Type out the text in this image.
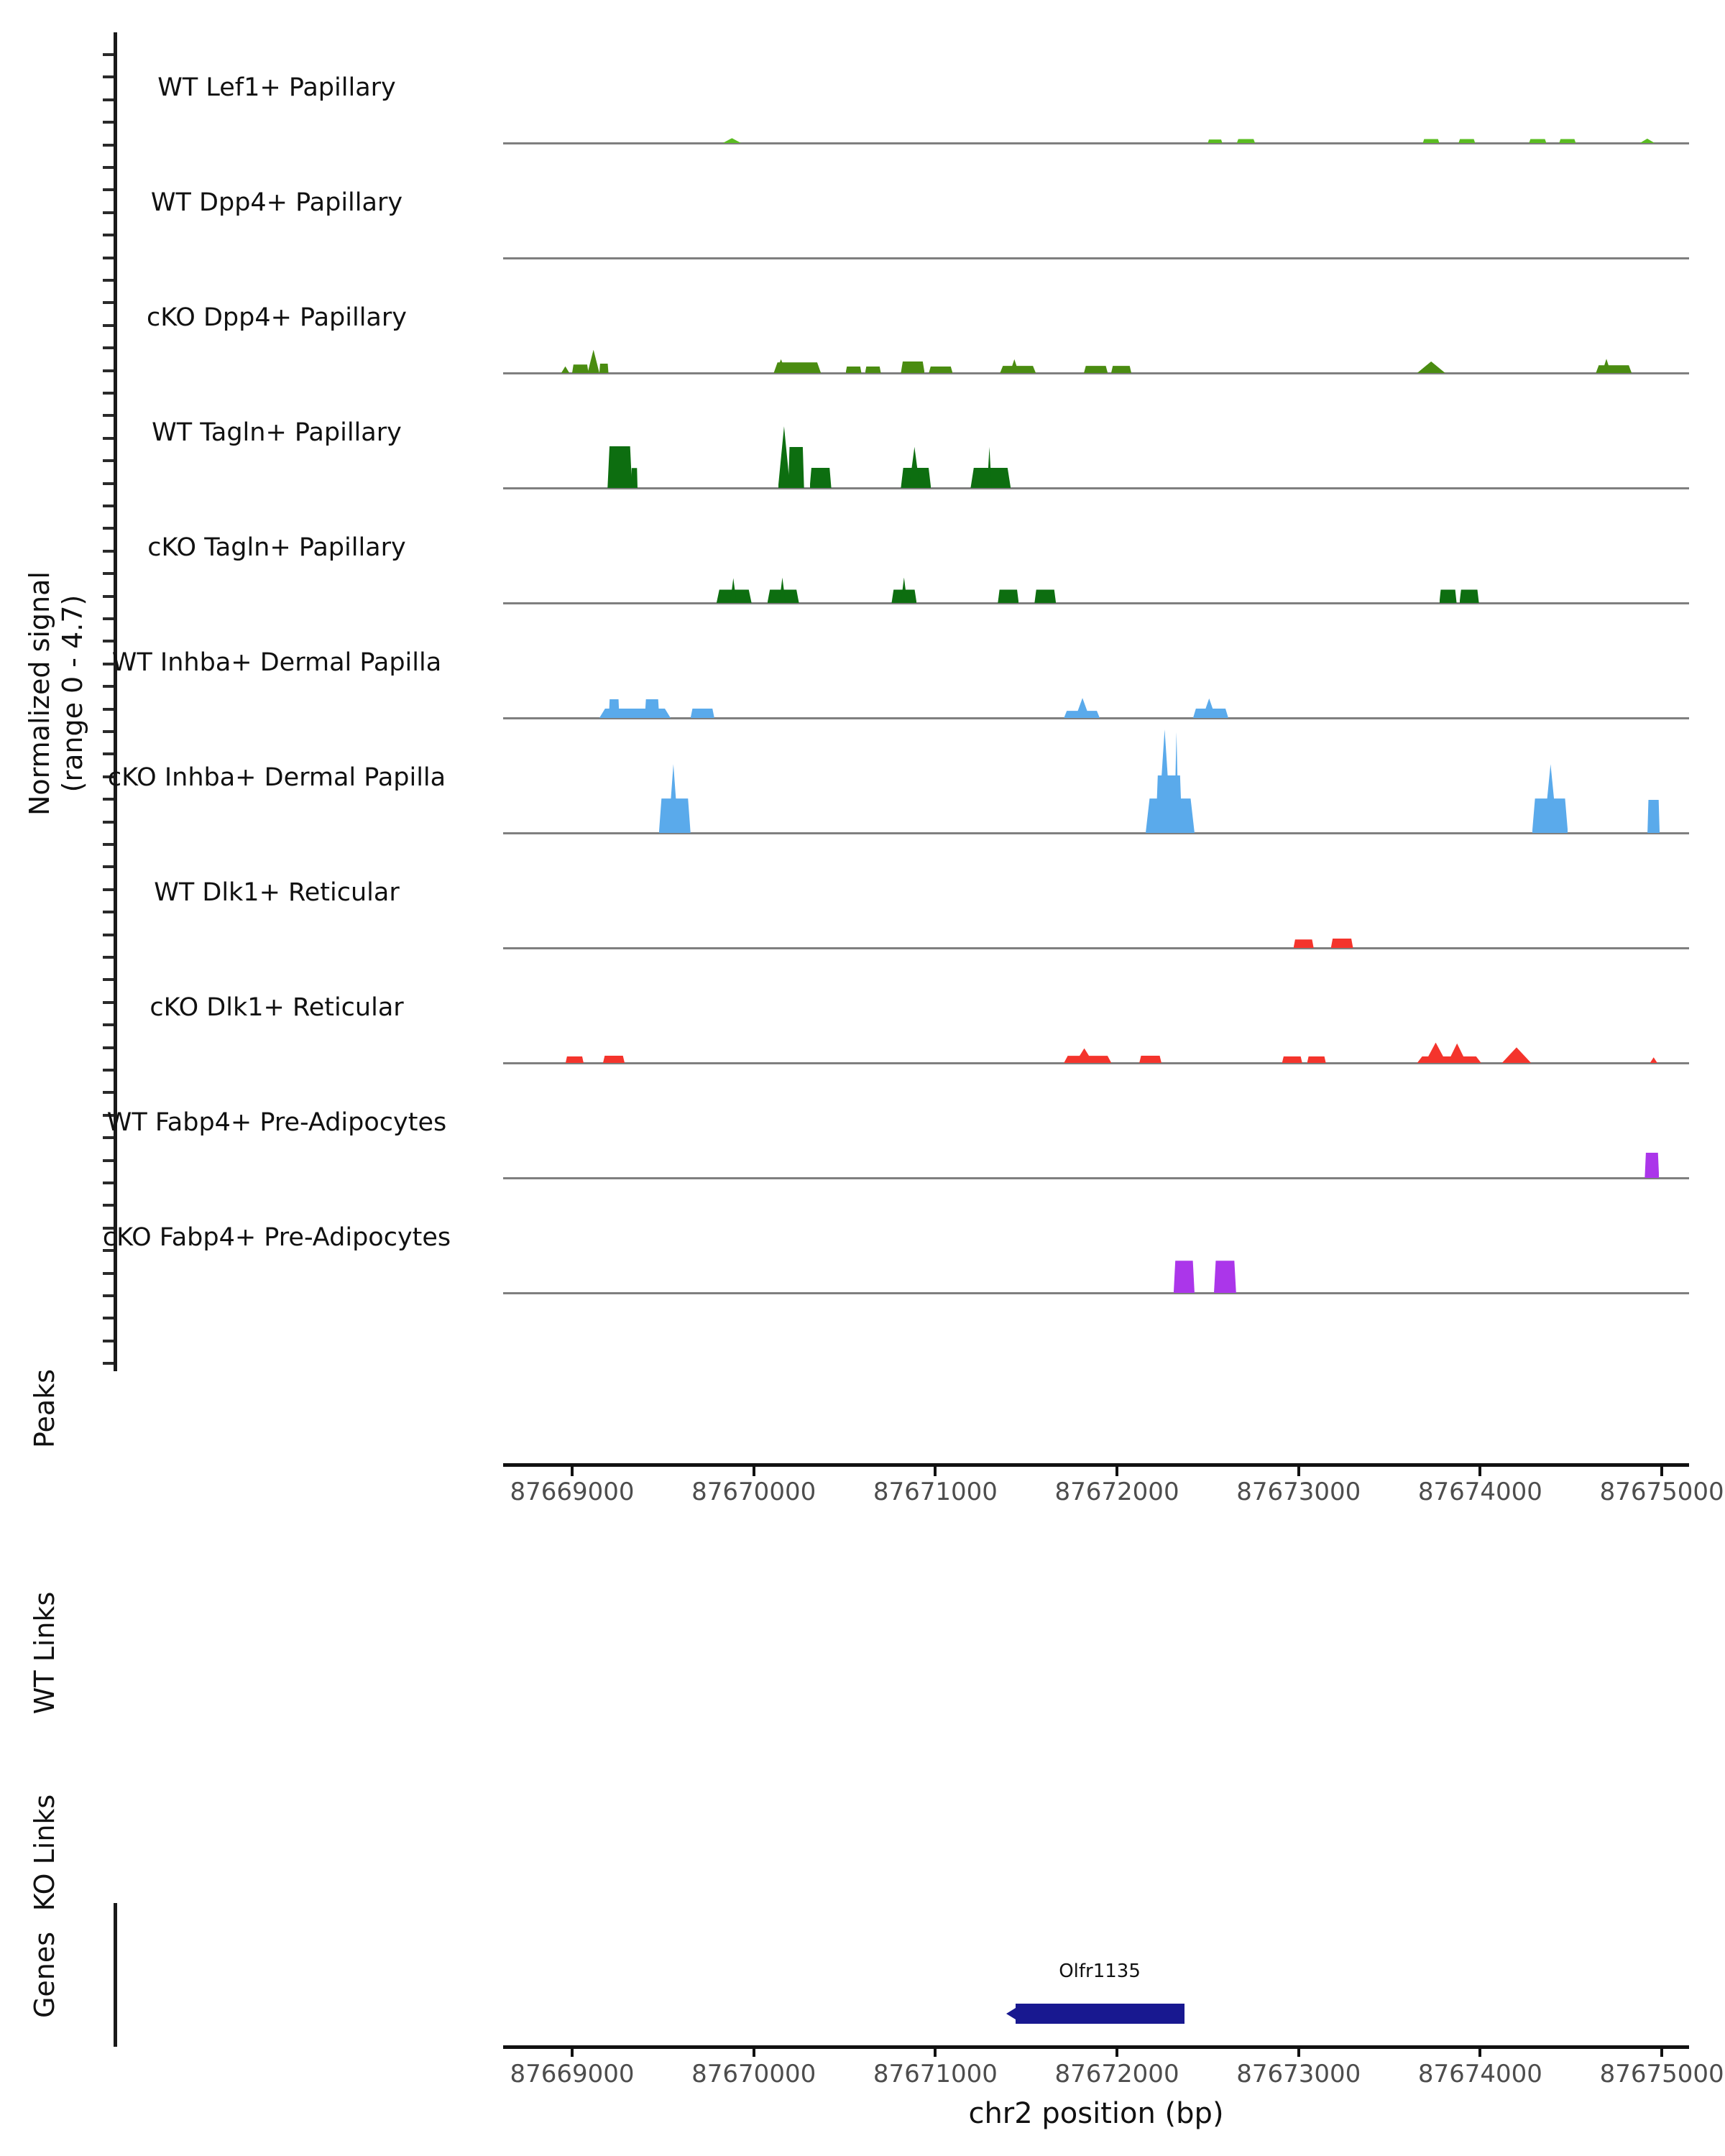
Normalized signal (range 0 - 4.7)
WT Lef1+ Papillary
WT Dpp4+ Papillary
cKO Dpp4+ Papillary
WT Tagln+ Papillary
cKO Tagln+ Papillary
WT Inhba+ Dermal Papilla
cKO Inhba+ Dermal Papilla
WT Dlk1+ Reticular
cKO Dlk1+ Reticular
WT Fabp4+ Pre-Adipocytes
cKO Fabp4+ Pre-Adipocytes
Peaks
WT Links
KO Links
Genes
87669000 87670000 87671000 87672000 87673000 87674000 87675000
Olfr1135
87669000 87670000 87671000 87672000 87673000 87674000 87675000
chr2 position (bp)
